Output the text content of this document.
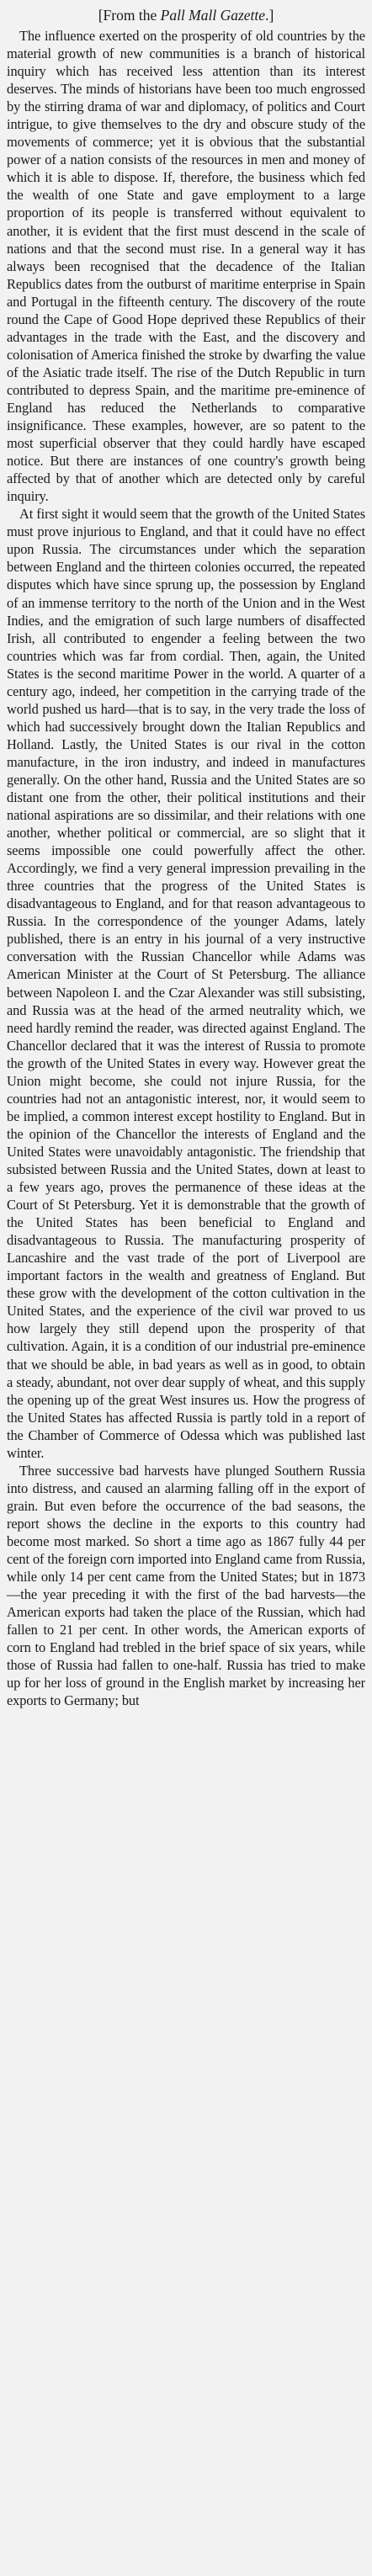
[From the Pall Mall Gazette.]

The influence exerted on the prosperity of old countries by the material growth of new communities is a branch of historical inquiry which has received less attention than its interest deserves. The minds of historians have been too much engrossed by the stirring drama of war and diplomacy, of politics and Court intrigue, to give themselves to the dry and obscure study of the movements of commerce; yet it is obvious that the substantial power of a nation consists of the resources in men and money of which it is able to dispose. If, therefore, the business which fed the wealth of one State and gave employment to a large proportion of its people is transferred without equivalent to another, it is evident that the first must descend in the scale of nations and that the second must rise. In a general way it has always been recognised that the decadence of the Italian Republics dates from the outburst of maritime enterprise in Spain and Portugal in the fifteenth century. The discovery of the route round the Cape of Good Hope deprived these Republics of their advantages in the trade with the East, and the discovery and colonisation of America finished the stroke by dwarfing the value of the Asiatic trade itself. The rise of the Dutch Republic in turn contributed to depress Spain, and the maritime pre-eminence of England has reduced the Netherlands to comparative insignificance. These examples, however, are so patent to the most superficial observer that they could hardly have escaped notice. But there are instances of one country's growth being affected by that of another which are detected only by careful inquiry.

At first sight it would seem that the growth of the United States must prove injurious to England, and that it could have no effect upon Russia. The circumstances under which the separation between England and the thirteen colonies occurred, the repeated disputes which have since sprung up, the possession by England of an immense territory to the north of the Union and in the West Indies, and the emigration of such large numbers of disaffected Irish, all contributed to engender a feeling between the two countries which was far from cordial. Then, again, the United States is the second maritime Power in the world. A quarter of a century ago, indeed, her competition in the carrying trade of the world pushed us hard—that is to say, in the very trade the loss of which had successively brought down the Italian Republics and Holland. Lastly, the United States is our rival in the cotton manufacture, in the iron industry, and indeed in manufactures generally. On the other hand, Russia and the United States are so distant one from the other, their political institutions and their national aspirations are so dissimilar, and their relations with one another, whether political or commercial, are so slight that it seems impossible one could powerfully affect the other. Accordingly, we find a very general impression prevailing in the three countries that the progress of the United States is disadvantageous to England, and for that reason advantageous to Russia. In the correspondence of the younger Adams, lately published, there is an entry in his journal of a very instructive conversation with the Russian Chancellor while Adams was American Minister at the Court of St Petersburg. The alliance between Napoleon I. and the Czar Alexander was still subsisting, and Russia was at the head of the armed neutrality which, we need hardly remind the reader, was directed against England. The Chancellor declared that it was the interest of Russia to promote the growth of the United States in every way. However great the Union might become, she could not injure Russia, for the countries had not an antagonistic interest, nor, it would seem to be implied, a common interest except hostility to England. But in the opinion of the Chancellor the interests of England and the United States were unavoidably antagonistic. The friendship that subsisted between Russia and the United States, down at least to a few years ago, proves the permanence of these ideas at the Court of St Petersburg. Yet it is demonstrable that the growth of the United States has been beneficial to England and disadvantageous to Russia. The manufacturing prosperity of Lancashire and the vast trade of the port of Liverpool are important factors in the wealth and greatness of England. But these grow with the development of the cotton cultivation in the United States, and the experience of the civil war proved to us how largely they still depend upon the prosperity of that cultivation. Again, it is a condition of our industrial pre-eminence that we should be able, in bad years as well as in good, to obtain a steady, abundant, not over dear supply of wheat, and this supply the opening up of the great West insures us. How the progress of the United States has affected Russia is partly told in a report of the Chamber of Commerce of Odessa which was published last winter.

Three successive bad harvests have plunged Southern Russia into distress, and caused an alarming falling off in the export of grain. But even before the occurrence of the bad seasons, the report shows the decline in the exports to this country had become most marked. So short a time ago as 1867 fully 44 per cent of the foreign corn imported into England came from Russia, while only 14 per cent came from the United States; but in 1873—the year preceding it with the first of the bad harvests—the American exports had taken the place of the Russian, which had fallen to 21 per cent. In other words, the American exports of corn to England had trebled in the brief space of six years, while those of Russia had fallen to one-half. Russia has tried to make up for her loss of ground in the English market by increasing her exports to Germany; but
